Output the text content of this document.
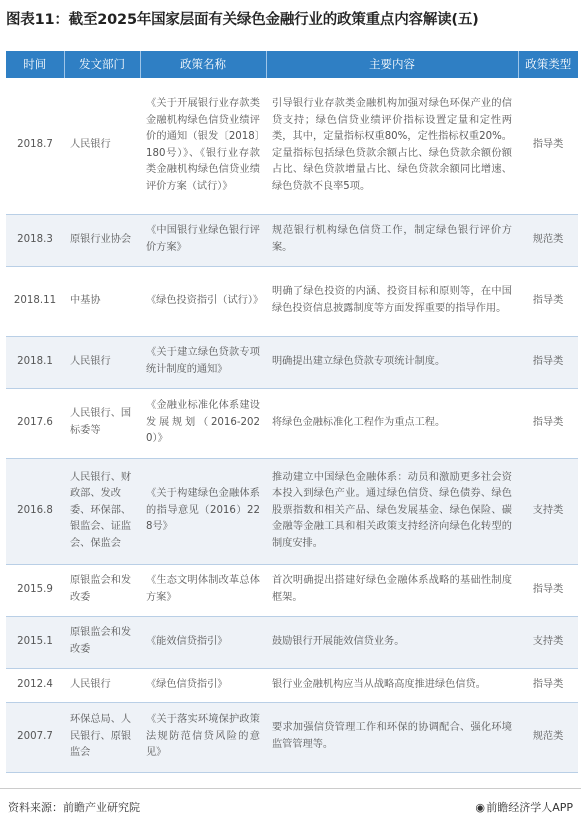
图表11：截至2025年国家层面有关绿色金融行业的政策重点内容解读(五)
时间	发文部门	政策名称	主要内容	政策类型
2018.7	人民银行	《关于开展银行业存款类金融机构绿色信贷业绩评价的通知（银发〔2018〕180号）》、《银行业存款类金融机构绿色信贷业绩评价方案（试行）》	引导银行业存款类金融机构加强对绿色环保产业的信贷支持；绿色信贷业绩评价指标设置定量和定性两类，其中，定量指标权重80%，定性指标权重20%。定量指标包括绿色贷款余额占比、绿色贷款余额份额占比、绿色贷款增量占比、绿色贷款余额同比增速、绿色贷款不良率5项。	指导类
2018.3	原银行业协会	《中国银行业绿色银行评价方案》	规范银行机构绿色信贷工作，制定绿色银行评价方案。	规范类
2018.11	中基协	《绿色投资指引（试行）》	明确了绿色投资的内涵、投资目标和原则等，在中国绿色投资信息披露制度等方面发挥重要的指导作用。	指导类
2018.1	人民银行	《关于建立绿色贷款专项统计制度的通知》	明确提出建立绿色贷款专项统计制度。	指导类
2017.6	人民银行、国标委等	《金融业标准化体系建设发展规划（2016-2020）》	将绿色金融标准化工程作为重点工程。	指导类
2016.8	人民银行、财政部、发改委、环保部、银监会、证监会、保监会	《关于构建绿色金融体系的指导意见（2016）228号》	推动建立中国绿色金融体系：动员和激励更多社会资本投入到绿色产业。通过绿色信贷、绿色债券、绿色股票指数和相关产品、绿色发展基金、绿色保险、碳金融等金融工具和相关政策支持经济向绿色化转型的制度安排。	支持类
2015.9	原银监会和发改委	《生态文明体制改革总体方案》	首次明确提出搭建好绿色金融体系战略的基础性制度框架。	指导类
2015.1	原银监会和发改委	《能效信贷指引》	鼓励银行开展能效信贷业务。	支持类
2012.4	人民银行	《绿色信贷指引》	银行业金融机构应当从战略高度推进绿色信贷。	指导类
2007.7	环保总局、人民银行、原银监会	《关于落实环境保护政策法规防范信贷风险的意见》	要求加强信贷管理工作和环保的协调配合、强化环境监管管理等。	规范类
资料来源：前瞻产业研究院	◉前瞻经济学人APP
